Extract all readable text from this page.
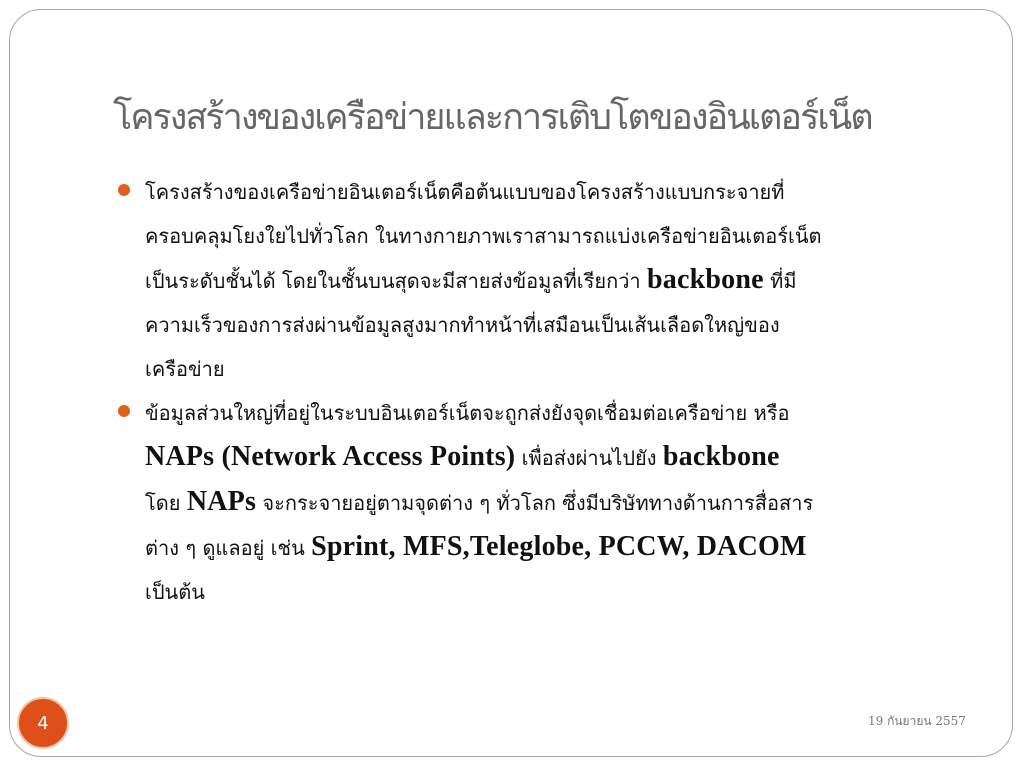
โครงสร้างของเครือข่ายและการเติบโตของอินเตอร์เน็ต
โครงสร้างของเครือข่ายอินเตอร์เน็ตคือต้นแบบของโครงสร้างแบบกระจายที่
ครอบคลุมโยงใยไปทั่วโลก ในทางกายภาพเราสามารถแบ่งเครือข่ายอินเตอร์เน็ต
เป็นระดับชั้นได้ โดยในชั้นบนสุดจะมีสายส่งข้อมูลที่เรียกว่า backbone ที่มี
ความเร็วของการส่งผ่านข้อมูลสูงมากทำหน้าที่เสมือนเป็นเส้นเลือดใหญ่ของ
เครือข่าย
ข้อมูลส่วนใหญ่ที่อยู่ในระบบอินเตอร์เน็ตจะถูกส่งยังจุดเชื่อมต่อเครือข่าย หรือ
NAPs (Network Access Points) เพื่อส่งผ่านไปยัง backbone
โดย NAPs จะกระจายอยู่ตามจุดต่าง ๆ ทั่วโลก ซึ่งมีบริษัททางด้านการสื่อสาร
ต่าง ๆ ดูแลอยู่ เช่น Sprint, MFS,Teleglobe, PCCW, DACOM
เป็นต้น
4	19 กันยายน 2557
